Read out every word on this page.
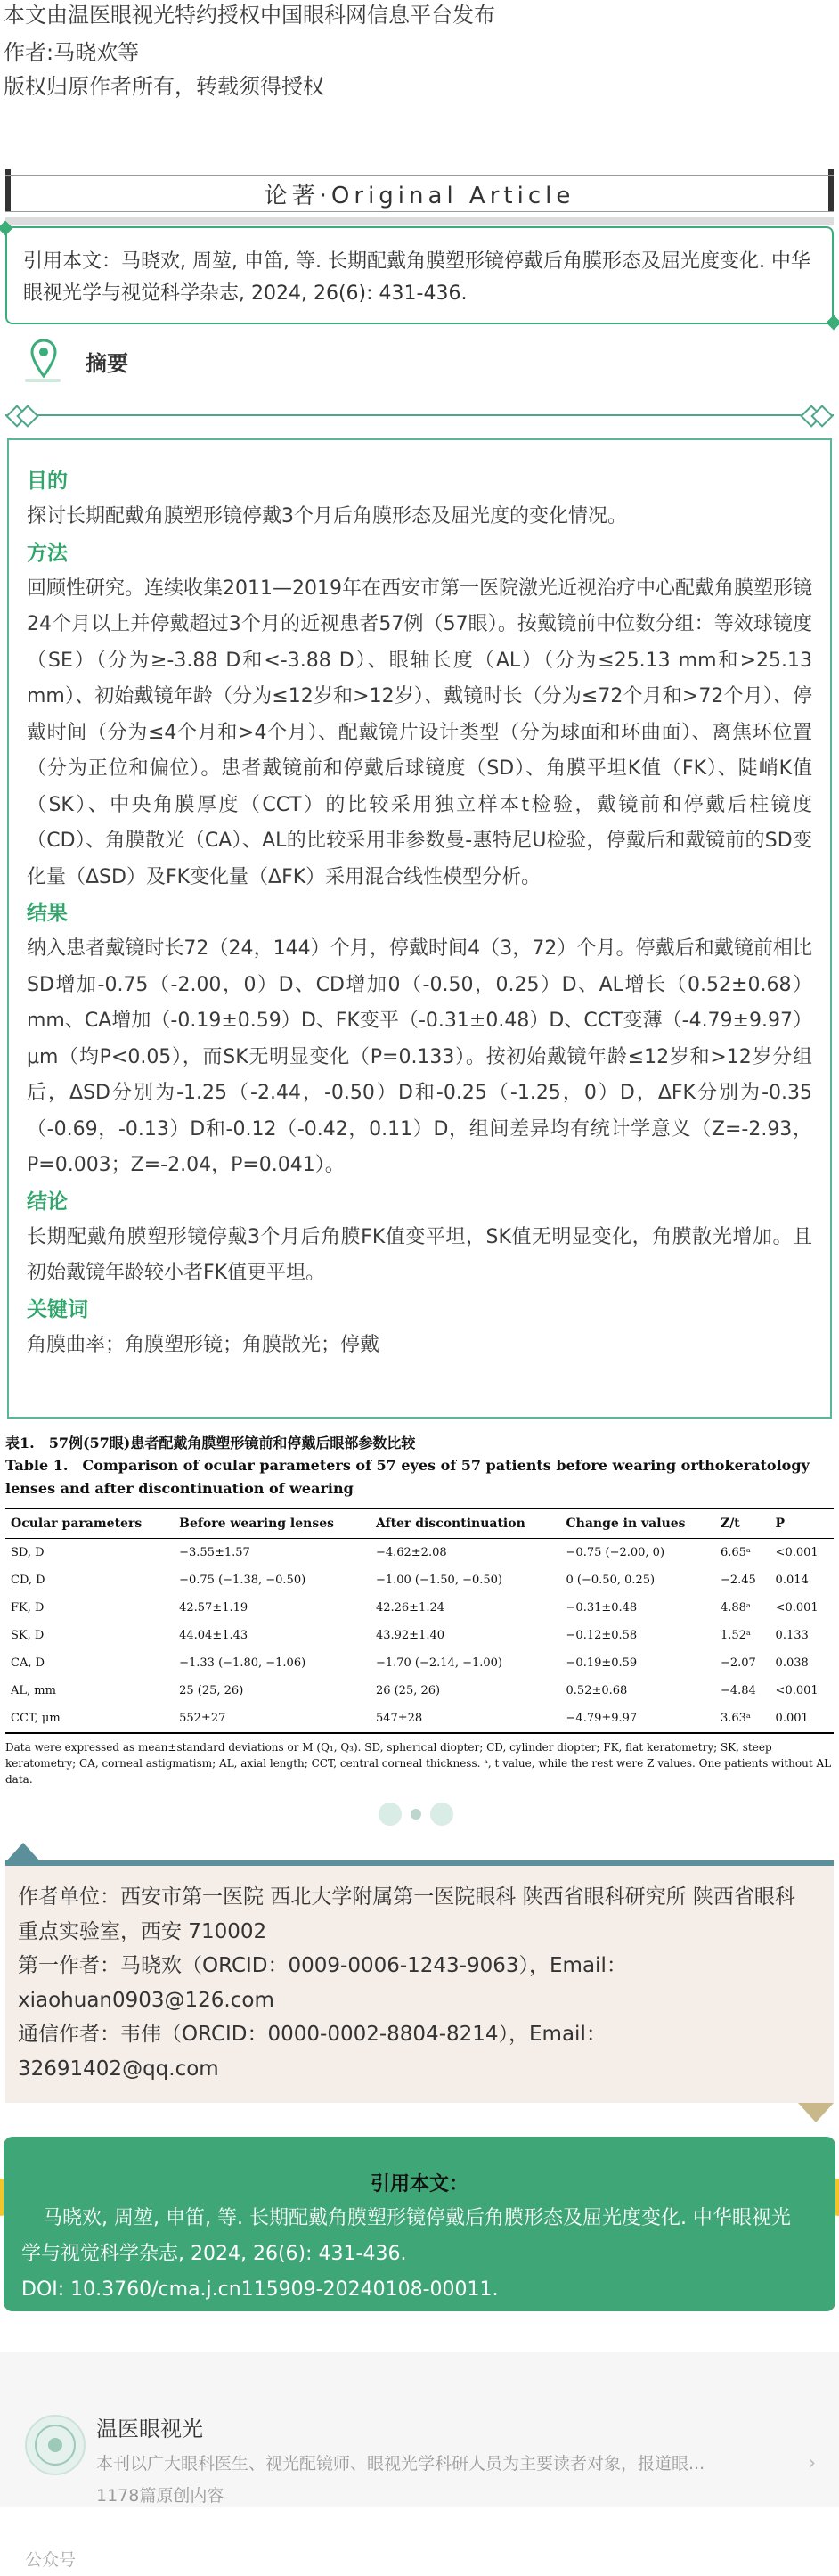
本文由温医眼视光特约授权中国眼科网信息平台发布
作者:马晓欢等
版权归原作者所有，转载须得授权
论著·Original Article
引用本文：马晓欢, 周堃, 申笛, 等. 长期配戴角膜塑形镜停戴后角膜形态及屈光度变化. 中华眼视光学与视觉科学杂志, 2024, 26(6): 431-436.
摘要
目的
探讨长期配戴角膜塑形镜停戴3个月后角膜形态及屈光度的变化情况。
方法
回顾性研究。连续收集2011—2019年在西安市第一医院激光近视治疗中心配戴角膜塑形镜24个月以上并停戴超过3个月的近视患者57例（57眼）。按戴镜前中位数分组：等效球镜度（SE）（分为≥-3.88 D和<-3.88 D）、眼轴长度（AL）（分为≤25.13 mm和>25.13 mm）、初始戴镜年龄（分为≤12岁和>12岁）、戴镜时长（分为≤72个月和>72个月）、停戴时间（分为≤4个月和>4个月）、配戴镜片设计类型（分为球面和环曲面）、离焦环位置（分为正位和偏位）。患者戴镜前和停戴后球镜度（SD）、角膜平坦K值（FK）、陡峭K值（SK）、中央角膜厚度（CCT）的比较采用独立样本t检验，戴镜前和停戴后柱镜度（CD）、角膜散光（CA）、AL的比较采用非参数曼-惠特尼U检验，停戴后和戴镜前的SD变化量（ΔSD）及FK变化量（ΔFK）采用混合线性模型分析。
结果
纳入患者戴镜时长72（24，144）个月，停戴时间4（3，72）个月。停戴后和戴镜前相比SD增加-0.75（-2.00，0）D、CD增加0（-0.50，0.25）D、AL增长（0.52±0.68）mm、CA增加（-0.19±0.59）D、FK变平（-0.31±0.48）D、CCT变薄（-4.79±9.97）μm（均P<0.05），而SK无明显变化（P=0.133）。按初始戴镜年龄≤12岁和>12岁分组后，ΔSD分别为-1.25（-2.44，-0.50）D和-0.25（-1.25，0）D，ΔFK分别为-0.35（-0.69，-0.13）D和-0.12（-0.42，0.11）D，组间差异均有统计学意义（Z=-2.93，P=0.003；Z=-2.04，P=0.041）。
结论
长期配戴角膜塑形镜停戴3个月后角膜FK值变平坦，SK值无明显变化，角膜散光增加。且初始戴镜年龄较小者FK值更平坦。
关键词
角膜曲率；角膜塑形镜；角膜散光；停戴
表1.　57例(57眼)患者配戴角膜塑形镜前和停戴后眼部参数比较
Table 1.　Comparison of ocular parameters of 57 eyes of 57 patients before wearing orthokeratology lenses and after discontinuation of wearing
Ocular parameters	Before wearing lenses	After discontinuation	Change in values	Z/t	P
SD, D	−3.55±1.57	−4.62±2.08	−0.75 (−2.00, 0)	6.65ᵃ	<0.001
CD, D	−0.75 (−1.38, −0.50)	−1.00 (−1.50, −0.50)	0 (−0.50, 0.25)	−2.45	0.014
FK, D	42.57±1.19	42.26±1.24	−0.31±0.48	4.88ᵃ	<0.001
SK, D	44.04±1.43	43.92±1.40	−0.12±0.58	1.52ᵃ	0.133
CA, D	−1.33 (−1.80, −1.06)	−1.70 (−2.14, −1.00)	−0.19±0.59	−2.07	0.038
AL, mm	25 (25, 26)	26 (25, 26)	0.52±0.68	−4.84	<0.001
CCT, μm	552±27	547±28	−4.79±9.97	3.63ᵃ	0.001
Data were expressed as mean±standard deviations or M (Q₁, Q₃). SD, spherical diopter; CD, cylinder diopter; FK, flat keratometry; SK, steep keratometry; CA, corneal astigmatism; AL, axial length; CCT, central corneal thickness. ᵃ, t value, while the rest were Z values. One patients without AL data.
作者单位：西安市第一医院 西北大学附属第一医院眼科 陕西省眼科研究所 陕西省眼科重点实验室，西安 710002
第一作者：马晓欢（ORCID：0009-0006-1243-9063），Email：xiaohuan0903@126.com
通信作者：韦伟（ORCID：0000-0002-8804-8214），Email：32691402@qq.com
引用本文：
马晓欢, 周堃, 申笛, 等. 长期配戴角膜塑形镜停戴后角膜形态及屈光度变化. 中华眼视光学与视觉科学杂志, 2024, 26(6): 431-436.
DOI: 10.3760/cma.j.cn115909-20240108-00011.
温医眼视光
本刊以广大眼科医生、视光配镜师、眼视光学科研人员为主要读者对象，报道眼...
1178篇原创内容
›
公众号
